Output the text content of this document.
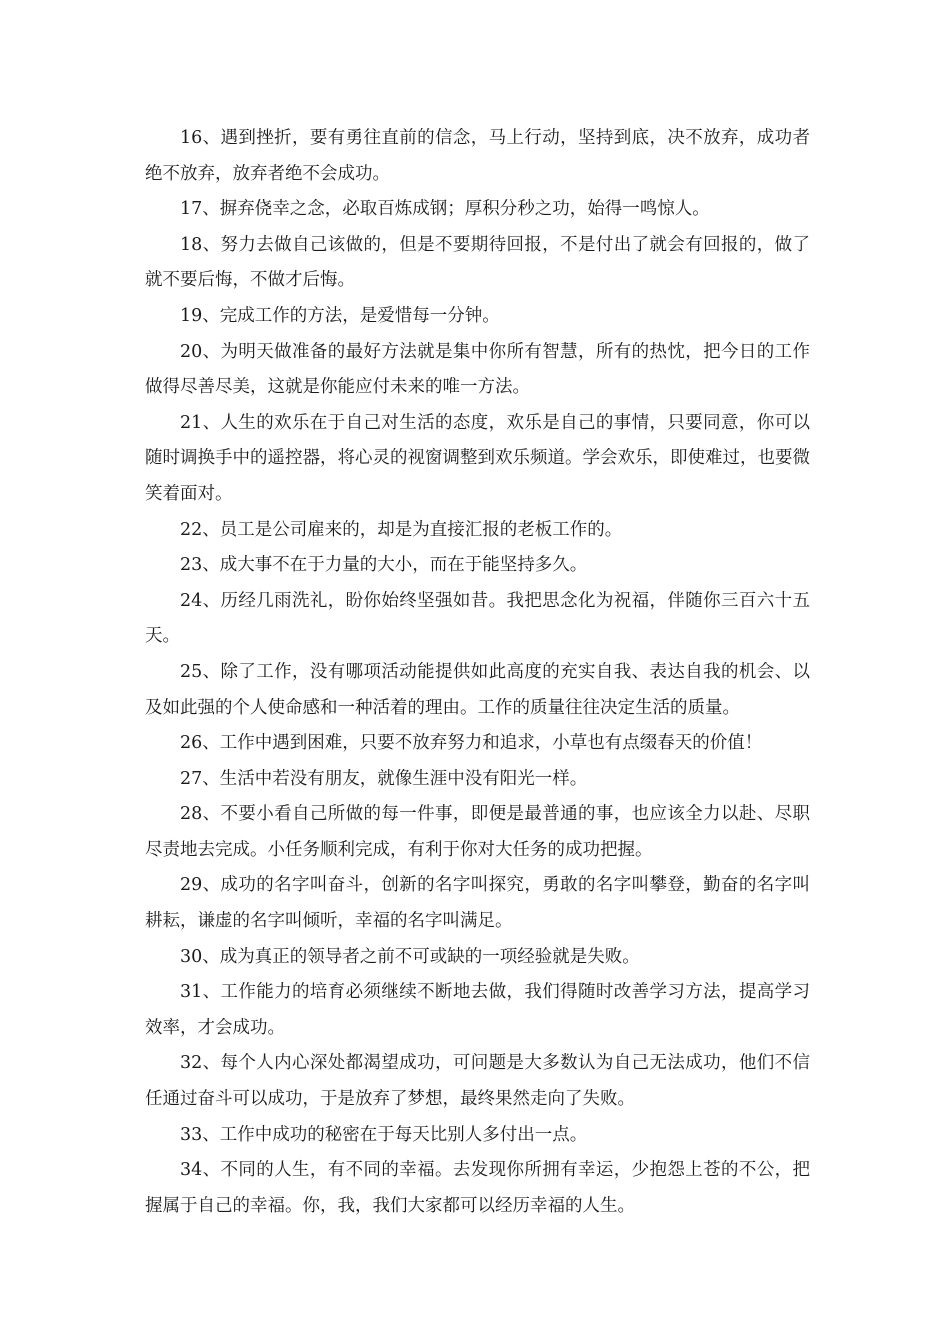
16、遇到挫折，要有勇往直前的信念，马上行动，坚持到底，决不放弃，成功者绝不放弃，放弃者绝不会成功。

17、摒弃侥幸之念，必取百炼成钢；厚积分秒之功，始得一鸣惊人。

18、努力去做自己该做的，但是不要期待回报，不是付出了就会有回报的，做了就不要后悔，不做才后悔。

19、完成工作的方法，是爱惜每一分钟。

20、为明天做准备的最好方法就是集中你所有智慧，所有的热忱，把今日的工作做得尽善尽美，这就是你能应付未来的唯一方法。

21、人生的欢乐在于自己对生活的态度，欢乐是自己的事情，只要同意，你可以随时调换手中的遥控器，将心灵的视窗调整到欢乐频道。学会欢乐，即使难过，也要微笑着面对。

22、员工是公司雇来的，却是为直接汇报的老板工作的。

23、成大事不在于力量的大小，而在于能坚持多久。

24、历经几雨洗礼，盼你始终坚强如昔。我把思念化为祝福，伴随你三百六十五天。

25、除了工作，没有哪项活动能提供如此高度的充实自我、表达自我的机会、以及如此强的个人使命感和一种活着的理由。工作的质量往往决定生活的质量。

26、工作中遇到困难，只要不放弃努力和追求，小草也有点缀春天的价值！

27、生活中若没有朋友，就像生涯中没有阳光一样。

28、不要小看自己所做的每一件事，即便是最普通的事，也应该全力以赴、尽职尽责地去完成。小任务顺利完成，有利于你对大任务的成功把握。

29、成功的名字叫奋斗，创新的名字叫探究，勇敢的名字叫攀登，勤奋的名字叫耕耘，谦虚的名字叫倾听，幸福的名字叫满足。

30、成为真正的领导者之前不可或缺的一项经验就是失败。

31、工作能力的培育必须继续不断地去做，我们得随时改善学习方法，提高学习效率，才会成功。

32、每个人内心深处都渴望成功，可问题是大多数认为自己无法成功，他们不信任通过奋斗可以成功，于是放弃了梦想，最终果然走向了失败。

33、工作中成功的秘密在于每天比别人多付出一点。

34、不同的人生，有不同的幸福。去发现你所拥有幸运，少抱怨上苍的不公，把握属于自己的幸福。你，我，我们大家都可以经历幸福的人生。
